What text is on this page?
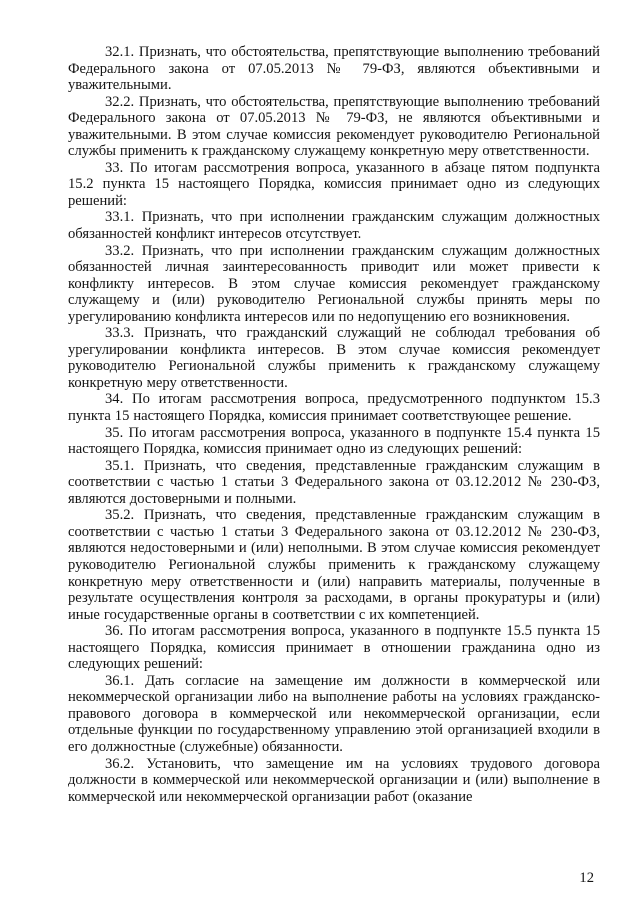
32.1. Признать, что обстоятельства, препятствующие выполнению требований Федерального закона от 07.05.2013 № 79-ФЗ, являются объективными и уважительными.

32.2. Признать, что обстоятельства, препятствующие выполнению требований Федерального закона от 07.05.2013 № 79-ФЗ, не являются объективными и уважительными. В этом случае комиссия рекомендует руководителю Региональной службы применить к гражданскому служащему конкретную меру ответственности.

33. По итогам рассмотрения вопроса, указанного в абзаце пятом подпункта 15.2 пункта 15 настоящего Порядка, комиссия принимает одно из следующих решений:

33.1. Признать, что при исполнении гражданским служащим должностных обязанностей конфликт интересов отсутствует.

33.2. Признать, что при исполнении гражданским служащим должностных обязанностей личная заинтересованность приводит или может привести к конфликту интересов. В этом случае комиссия рекомендует гражданскому служащему и (или) руководителю Региональной службы принять меры по урегулированию конфликта интересов или по недопущению его возникновения.

33.3. Признать, что гражданский служащий не соблюдал требования об урегулировании конфликта интересов. В этом случае комиссия рекомендует руководителю Региональной службы применить к гражданскому служащему конкретную меру ответственности.

34. По итогам рассмотрения вопроса, предусмотренного подпунктом 15.3 пункта 15 настоящего Порядка, комиссия принимает соответствующее решение.

35. По итогам рассмотрения вопроса, указанного в подпункте 15.4 пункта 15 настоящего Порядка, комиссия принимает одно из следующих решений:

35.1. Признать, что сведения, представленные гражданским служащим в соответствии с частью 1 статьи 3 Федерального закона от 03.12.2012 № 230-ФЗ, являются достоверными и полными.

35.2. Признать, что сведения, представленные гражданским служащим в соответствии с частью 1 статьи 3 Федерального закона от 03.12.2012 № 230-ФЗ, являются недостоверными и (или) неполными. В этом случае комиссия рекомендует руководителю Региональной службы применить к гражданскому служащему конкретную меру ответственности и (или) направить материалы, полученные в результате осуществления контроля за расходами, в органы прокуратуры и (или) иные государственные органы в соответствии с их компетенцией.

36. По итогам рассмотрения вопроса, указанного в подпункте 15.5 пункта 15 настоящего Порядка, комиссия принимает в отношении гражданина одно из следующих решений:

36.1. Дать согласие на замещение им должности в коммерческой или некоммерческой организации либо на выполнение работы на условиях гражданско-правового договора в коммерческой или некоммерческой организации, если отдельные функции по государственному управлению этой организацией входили в его должностные (служебные) обязанности.

36.2. Установить, что замещение им на условиях трудового договора должности в коммерческой или некоммерческой организации и (или) выполнение в коммерческой или некоммерческой организации работ (оказание

12
